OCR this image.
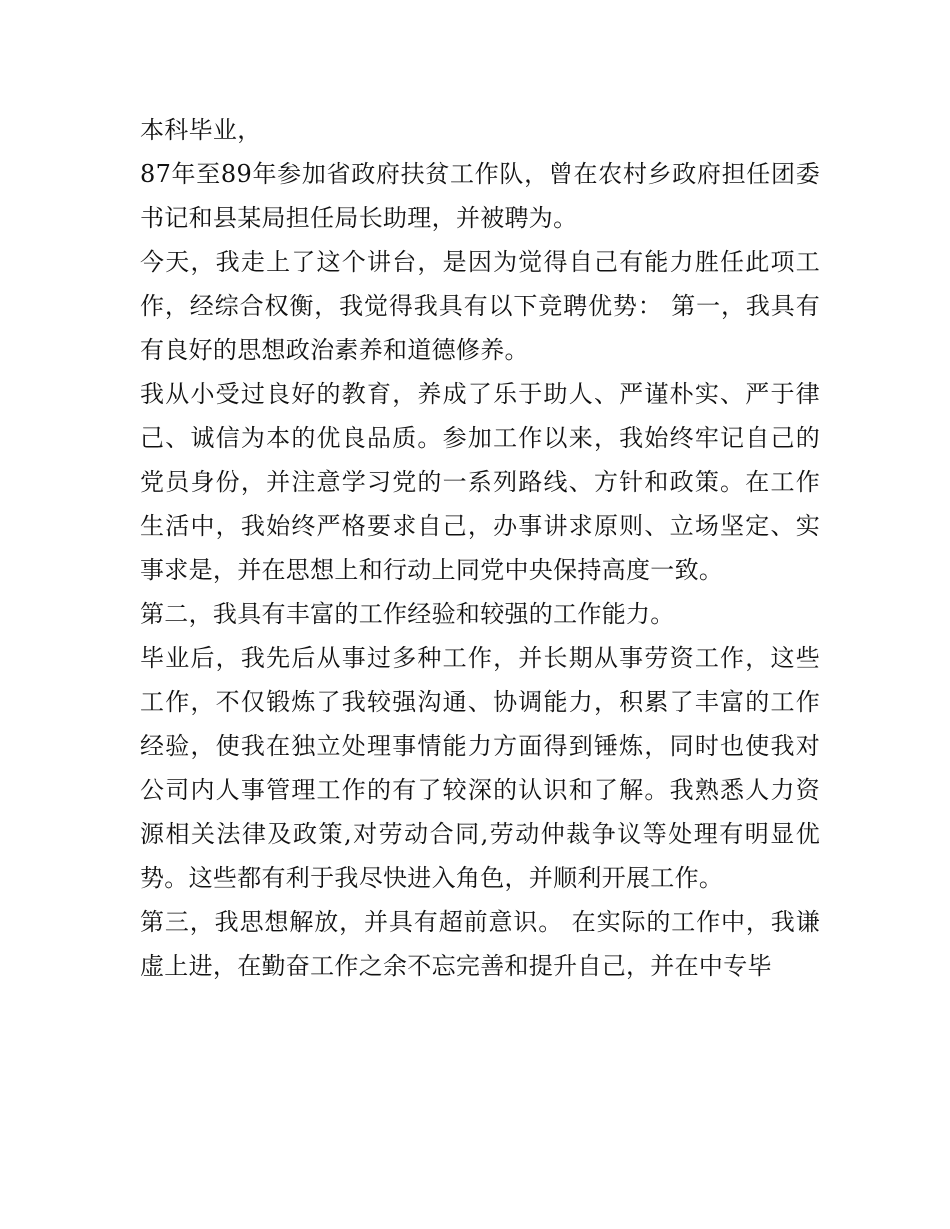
本科毕业，

87年至89年参加省政府扶贫工作队，曾在农村乡政府担任团委书记和县某局担任局长助理，并被聘为。

今天，我走上了这个讲台，是因为觉得自己有能力胜任此项工作，经综合权衡，我觉得我具有以下竞聘优势： 第一，我具有有良好的思想政治素养和道德修养。

我从小受过良好的教育，养成了乐于助人、严谨朴实、严于律己、诚信为本的优良品质。参加工作以来，我始终牢记自己的党员身份，并注意学习党的一系列路线、方针和政策。在工作生活中，我始终严格要求自己，办事讲求原则、立场坚定、实事求是，并在思想上和行动上同党中央保持高度一致。

第二，我具有丰富的工作经验和较强的工作能力。

毕业后，我先后从事过多种工作，并长期从事劳资工作，这些工作，不仅锻炼了我较强沟通、协调能力，积累了丰富的工作经验，使我在独立处理事情能力方面得到锤炼，同时也使我对公司内人事管理工作的有了较深的认识和了解。我熟悉人力资源相关法律及政策,对劳动合同,劳动仲裁争议等处理有明显优势。这些都有利于我尽快进入角色，并顺利开展工作。

第三，我思想解放，并具有超前意识。 在实际的工作中，我谦虚上进，在勤奋工作之余不忘完善和提升自己，并在中专毕
